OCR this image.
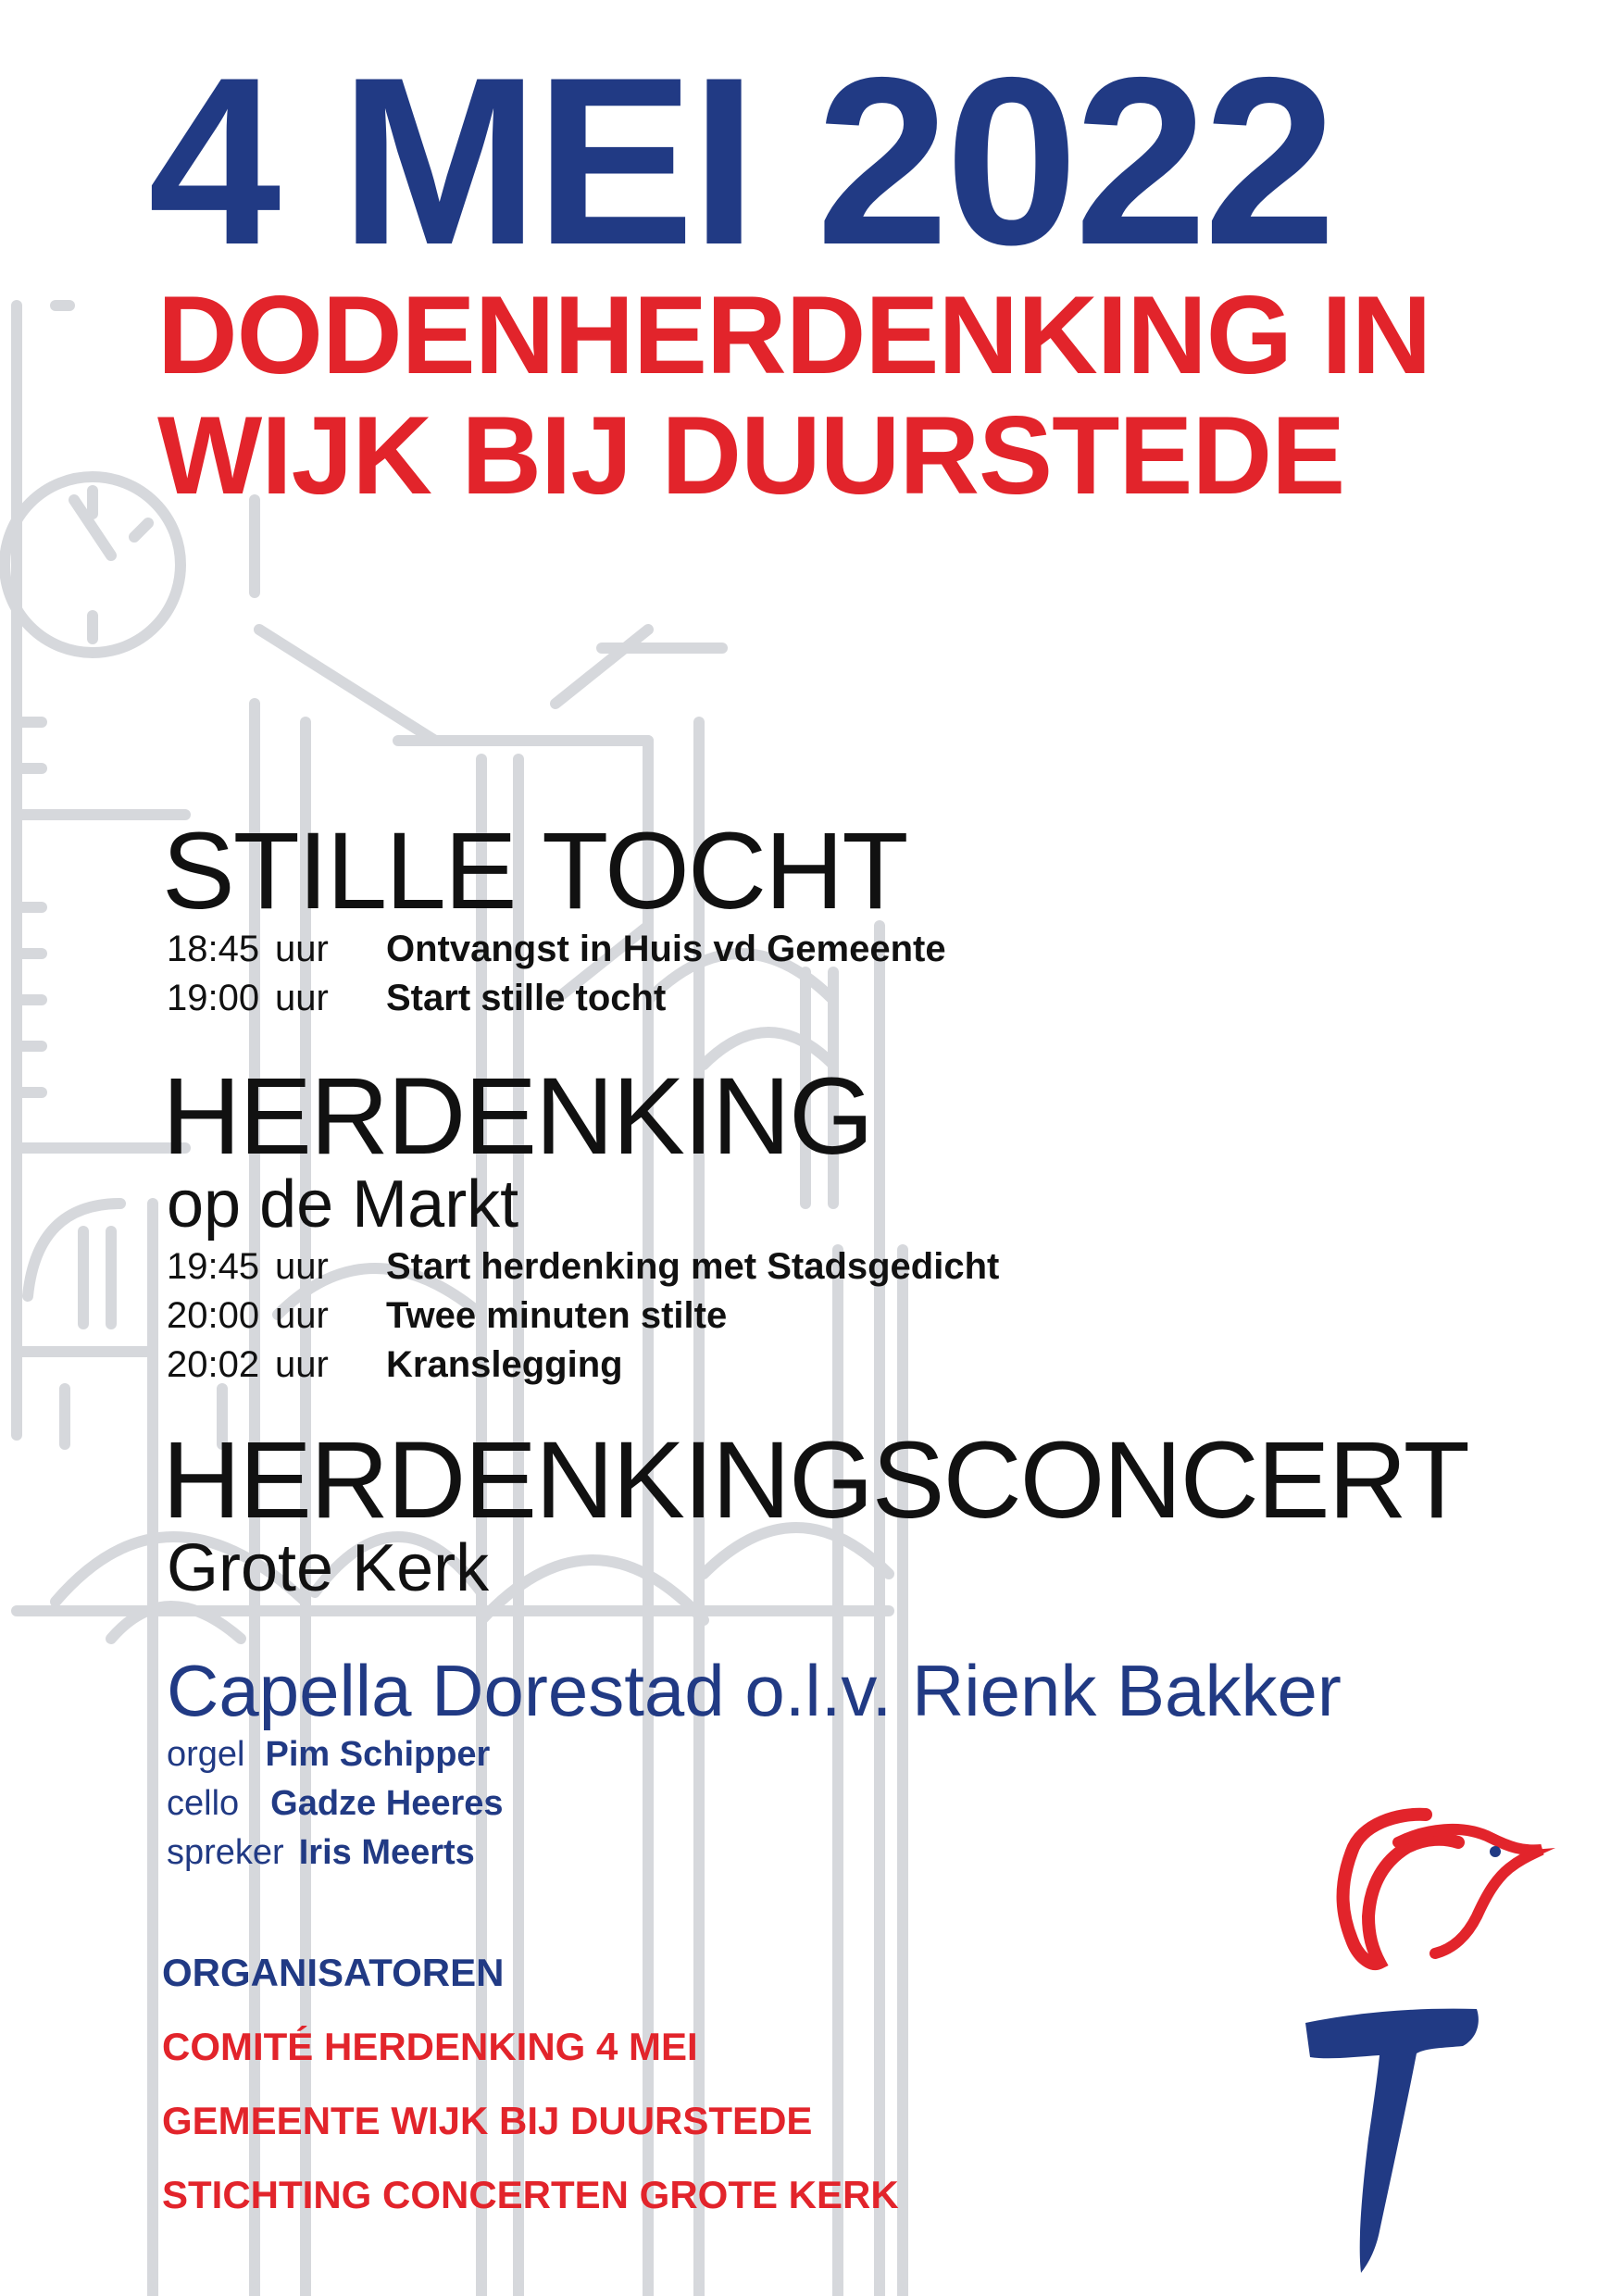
4 MEI 2022
DODENHERDENKING IN
WIJK BIJ DUURSTEDE
STILLE TOCHT
18:45 uur	Ontvangst in Huis vd Gemeente
19:00 uur	Start stille tocht
HERDENKING
op de Markt
19:45 uur	Start herdenking met Stadsgedicht
20:00 uur	Twee minuten stilte
20:02 uur	Kranslegging
HERDENKINGSCONCERT
Grote Kerk
Capella Dorestad o.l.v. Rienk Bakker
orgel Pim Schipper
cello Gadze Heeres
spreker Iris Meerts
ORGANISATOREN
COMITÉ HERDENKING 4 MEI
GEMEENTE WIJK BIJ DUURSTEDE
STICHTING CONCERTEN GROTE KERK
